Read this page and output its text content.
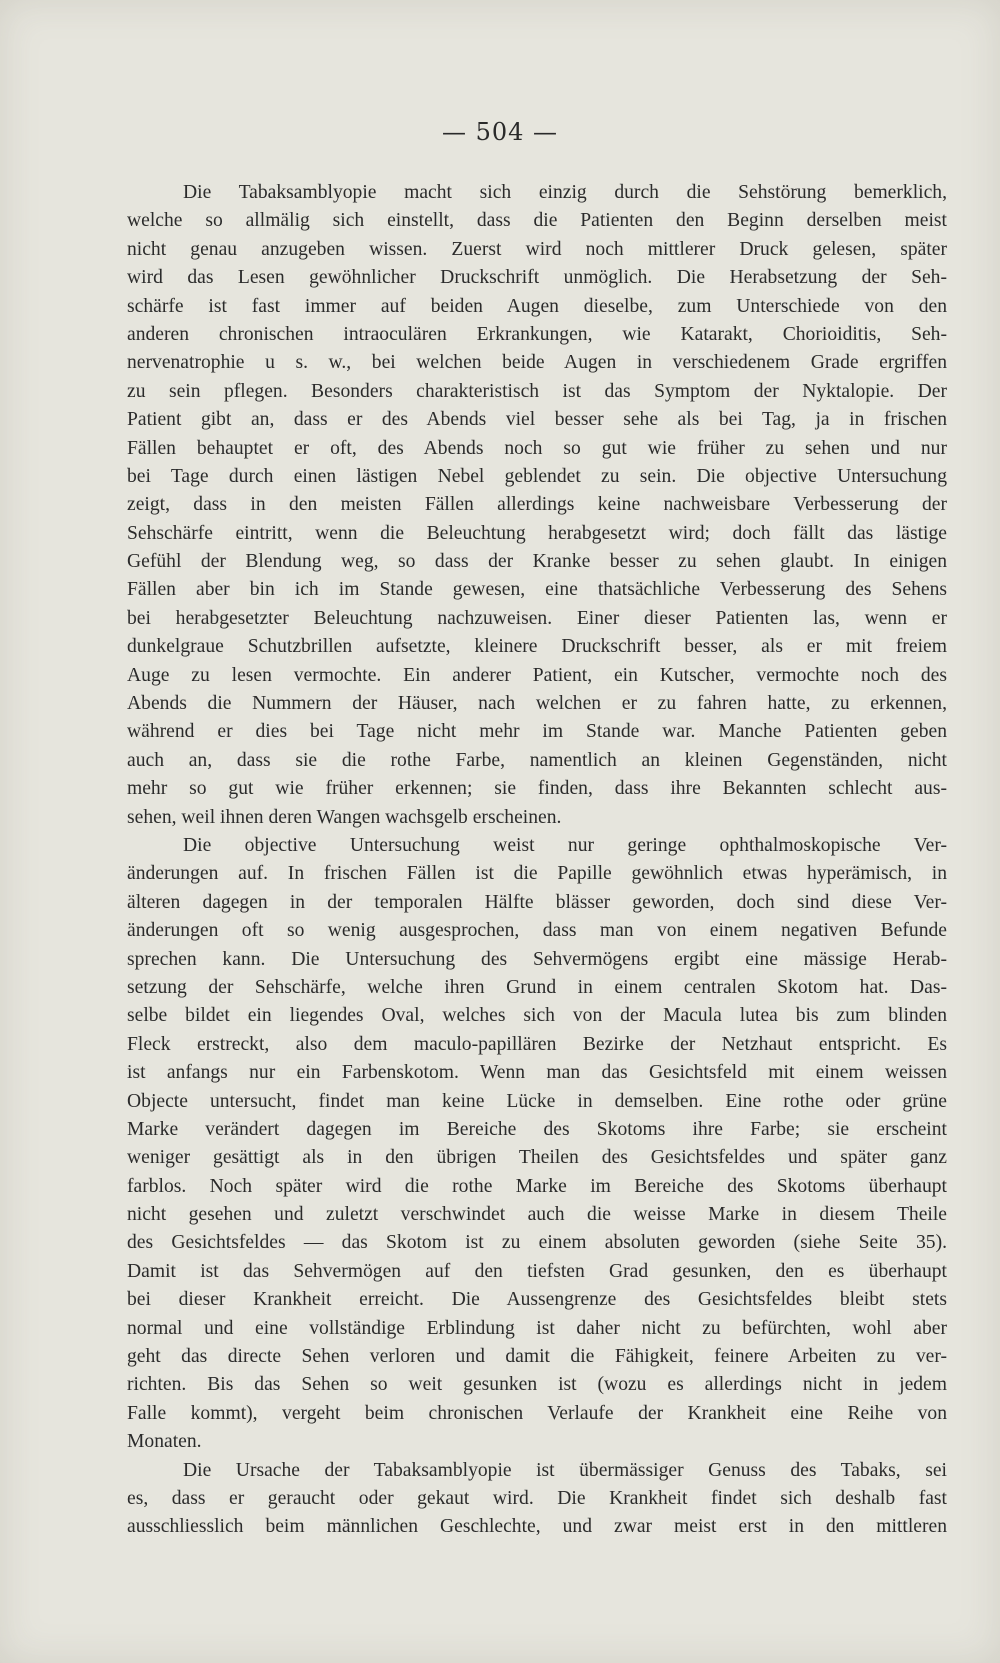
— 504 —
Die Tabaksamblyopie macht sich einzig durch die Sehstörung bemerklich,
welche so allmälig sich einstellt, dass die Patienten den Beginn derselben meist
nicht genau anzugeben wissen. Zuerst wird noch mittlerer Druck gelesen, später
wird das Lesen gewöhnlicher Druckschrift unmöglich. Die Herabsetzung der Seh-
schärfe ist fast immer auf beiden Augen dieselbe, zum Unterschiede von den
anderen chronischen intraoculären Erkrankungen, wie Katarakt, Chorioiditis, Seh-
nervenatrophie u s. w., bei welchen beide Augen in verschiedenem Grade ergriffen
zu sein pflegen. Besonders charakteristisch ist das Symptom der Nyktalopie. Der
Patient gibt an, dass er des Abends viel besser sehe als bei Tag, ja in frischen
Fällen behauptet er oft, des Abends noch so gut wie früher zu sehen und nur
bei Tage durch einen lästigen Nebel geblendet zu sein. Die objective Untersuchung
zeigt, dass in den meisten Fällen allerdings keine nachweisbare Verbesserung der
Sehschärfe eintritt, wenn die Beleuchtung herabgesetzt wird; doch fällt das lästige
Gefühl der Blendung weg, so dass der Kranke besser zu sehen glaubt. In einigen
Fällen aber bin ich im Stande gewesen, eine thatsächliche Verbesserung des Sehens
bei herabgesetzter Beleuchtung nachzuweisen. Einer dieser Patienten las, wenn er
dunkelgraue Schutzbrillen aufsetzte, kleinere Druckschrift besser, als er mit freiem
Auge zu lesen vermochte. Ein anderer Patient, ein Kutscher, vermochte noch des
Abends die Nummern der Häuser, nach welchen er zu fahren hatte, zu erkennen,
während er dies bei Tage nicht mehr im Stande war. Manche Patienten geben
auch an, dass sie die rothe Farbe, namentlich an kleinen Gegenständen, nicht
mehr so gut wie früher erkennen; sie finden, dass ihre Bekannten schlecht aus-
sehen, weil ihnen deren Wangen wachsgelb erscheinen.
Die objective Untersuchung weist nur geringe ophthalmoskopische Ver-
änderungen auf. In frischen Fällen ist die Papille gewöhnlich etwas hyperämisch, in
älteren dagegen in der temporalen Hälfte blässer geworden, doch sind diese Ver-
änderungen oft so wenig ausgesprochen, dass man von einem negativen Befunde
sprechen kann. Die Untersuchung des Sehvermögens ergibt eine mässige Herab-
setzung der Sehschärfe, welche ihren Grund in einem centralen Skotom hat. Das-
selbe bildet ein liegendes Oval, welches sich von der Macula lutea bis zum blinden
Fleck erstreckt, also dem maculo-papillären Bezirke der Netzhaut entspricht. Es
ist anfangs nur ein Farbenskotom. Wenn man das Gesichtsfeld mit einem weissen
Objecte untersucht, findet man keine Lücke in demselben. Eine rothe oder grüne
Marke verändert dagegen im Bereiche des Skotoms ihre Farbe; sie erscheint
weniger gesättigt als in den übrigen Theilen des Gesichtsfeldes und später ganz
farblos. Noch später wird die rothe Marke im Bereiche des Skotoms überhaupt
nicht gesehen und zuletzt verschwindet auch die weisse Marke in diesem Theile
des Gesichtsfeldes — das Skotom ist zu einem absoluten geworden (siehe Seite 35).
Damit ist das Sehvermögen auf den tiefsten Grad gesunken, den es überhaupt
bei dieser Krankheit erreicht. Die Aussengrenze des Gesichtsfeldes bleibt stets
normal und eine vollständige Erblindung ist daher nicht zu befürchten, wohl aber
geht das directe Sehen verloren und damit die Fähigkeit, feinere Arbeiten zu ver-
richten. Bis das Sehen so weit gesunken ist (wozu es allerdings nicht in jedem
Falle kommt), vergeht beim chronischen Verlaufe der Krankheit eine Reihe von
Monaten.
Die Ursache der Tabaksamblyopie ist übermässiger Genuss des Tabaks, sei
es, dass er geraucht oder gekaut wird. Die Krankheit findet sich deshalb fast
ausschliesslich beim männlichen Geschlechte, und zwar meist erst in den mittleren
